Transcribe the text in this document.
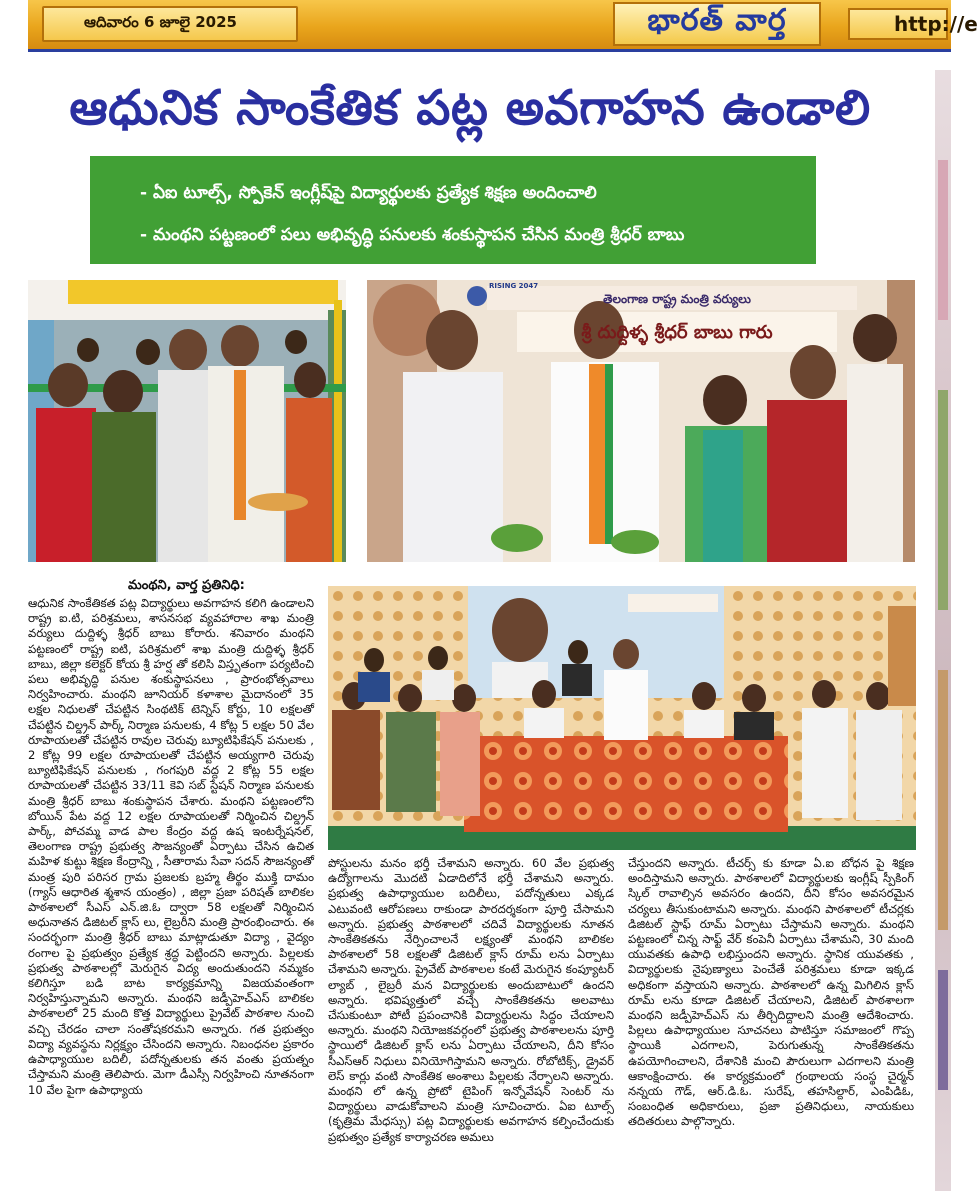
ఆదివారం 6 జూలై 2025	భారత్ వార్త	http://e
ఆధునిక సాంకేతిక పట్ల అవగాహన ఉండాలి
- ఏఐ టూల్స్, స్పోకెన్ ఇంగ్లీష్‌పై విద్యార్థులకు ప్రత్యేక శిక్షణ అందించాలి
- మంథని పట్టణంలో పలు అభివృద్ధి పనులకు శంకుస్థాపన చేసిన మంత్రి శ్రీధర్ బాబు
తెలంగాణ రాష్ట్ర మంత్రి వర్యులు
శ్రీ దుద్దిళ్ళ శ్రీధర్ బాబు గారు
RISING 2047
మంథని, వార్త ప్రతినిధి:
ఆధునిక సాంకేతికత పట్ల విద్యార్థులు అవగాహన కలిగి ఉండాలని రాష్ట్ర ఐ.టి, పరిశ్రమలు, శాసనసభ వ్యవహారాల శాఖ మంత్రి వర్యులు దుద్దిళ్ళ శ్రీధర్ బాబు కోరారు. శనివారం మంథని పట్టణంలో రాష్ట్ర ఐటి, పరిశ్రమలో శాఖ మంత్రి దుద్దిళ్ళ శ్రీధర్ బాబు, జిల్లా కలెక్టర్ కోయ శ్రీ హర్ష తో కలిసి విస్తృతంగా పర్యటించి పలు అభివృద్ధి పనుల శంకుస్థాపనలు , ప్రారంభోత్సవాలు నిర్వహించారు. మంథని జూనియర్ కళాశాల మైదానంలో 35 లక్షల నిధులతో చేపట్టిన సింథటిక్ టెన్నిస్ కోర్టు, 10 లక్షలతో చేపట్టిన చిల్డ్రన్ పార్క్ నిర్మాణ పనులకు, 4 కోట్ల 5 లక్షల 50 వేల రూపాయలతో చేపట్టిన రావుల చెరువు బ్యూటిఫికేషన్ పనులకు , 2 కోట్ల 99 లక్షల రూపాయలతో చేపట్టిన అయ్యగారి చెరువు బ్యూటిఫికేషన్ పనులకు , గంగపురి వద్ద 2 కోట్ల 55 లక్షల రూపాయలతో చేపట్టిన 33/11 కెవి సబ్ స్టేషన్ నిర్మాణ పనులకు మంత్రి శ్రీధర్ బాబు శంకుస్థాపన చేశారు. మంథని పట్టణంలోని బోయిన్ పేట వద్ద 12 లక్షల రూపాయలతో నిర్మించిన చిల్డ్రన్ పార్క్, పోచమ్మ వాడ పాల కేంద్రం వద్ద ఉష ఇంటర్నేషనల్, తెలంగాణ రాష్ట్ర ప్రభుత్వ సౌజన్యంతో ఏర్పాటు చేసిన ఉచిత మహిళ కుట్టు శిక్షణ కేంద్రాన్ని , సీతారామ సేవా సదన్ సౌజన్యంతో మంత్ర పురి పరిసర గ్రామ ప్రజలకు బ్రహ్మ తీర్థం ముక్తి దామం (గ్యాస్ ఆధారిత శ్మశాన యంత్రం) , జిల్లా ప్రజా పరిషత్ బాలికల పాఠశాలలో సీఎస్ ఎన్.జి.ఓ ద్వారా 58 లక్షలతో నిర్మించిన అధునాతన డిజిటల్ క్లాస్ లు, లైబ్రరీని మంత్రి ప్రారంభించారు. ఈ సందర్భంగా మంత్రి శ్రీధర్ బాబు మాట్లాడుతూ విద్యా , వైద్యం రంగాల పై ప్రభుత్వం ప్రత్యేక శ్రద్ధ పెట్టిందని అన్నారు. పిల్లలకు ప్రభుత్వ పాఠశాలల్లో మెరుగైన విద్య అందుతుందని నమ్మకం కలిగిస్తూ బడి బాట కార్యక్రమాన్ని విజయవంతంగా నిర్వహిస్తున్నామని అన్నారు. మంథని జడ్పీహెచ్ఎస్ బాలికల పాఠశాలలో 25 మంది కొత్త విద్యార్థులు ప్రైవేట్ పాఠశాల నుంచి వచ్చి చేరడం చాలా సంతోషకరమని అన్నారు. గత ప్రభుత్వం విద్యా వ్యవస్థను నిర్లక్ష్యం చేసిందని అన్నారు. నిబంధనల ప్రకారం ఉపాధ్యాయుల బదిలీ, పదోన్నతులకు తన వంతు ప్రయత్నం చేస్తామని మంత్రి తెలిపారు. మెగా డీఎస్సీ నిర్వహించి నూతనంగా 10 వేల పైగా ఉపాధ్యాయ
పోస్టులను మనం భర్తీ చేశామని అన్నారు. 60 వేల ప్రభుత్వ ఉద్యోగాలను మొదటి ఏడాదిలోనే భర్తీ చేశామని అన్నారు. ప్రభుత్వ ఉపాధ్యాయుల బదిలీలు, పదోన్నతులు ఎక్కడ ఎటువంటి ఆరోపణలు రాకుండా పారదర్శకంగా పూర్తి చేసామని అన్నారు. ప్రభుత్వ పాఠశాలలో చదివే విద్యార్థులకు నూతన సాంకేతికతను నేర్పించాలనే లక్ష్యంతో మంథని బాలికల పాఠశాలలో 58 లక్షలతో డిజిటల్ క్లాస్ రూమ్ లను ఏర్పాటు చేశామని అన్నారు. ప్రైవేట్ పాఠశాలల కంటే మెరుగైన కంప్యూటర్ ల్యాబ్ , లైబ్రరీ మన విద్యార్థులకు అందుబాటులో ఉందని అన్నారు. భవిష్యత్తులో వచ్చే సాంకేతికతను అలవాటు చేసుకుంటూ పోటీ ప్రపంచానికి విద్యార్థులను సిద్ధం చేయాలని అన్నారు. మంథని నియోజకవర్గంలో ప్రభుత్వ పాఠశాలలను పూర్తి స్థాయిలో డిజిటల్ క్లాస్ లను ఏర్పాటు చేయాలని, దీని కోసం సీఎస్ఆర్ నిధులు వినియోగిస్తామని అన్నారు. రోబోటిక్స్, డ్రైవర్ లెస్ కార్లు వంటి సాంకేతిక అంశాలు పిల్లలకు నేర్పాలని అన్నారు. మంథని లో ఉన్న ప్రోటో టైపింగ్ ఇన్నోవేషన్ సెంటర్ ను విద్యార్థులు వాడుకోవాలని మంత్రి సూచించారు. ఏఐ టూల్స్ (కృత్రిమ మేధస్సు) పట్ల విద్యార్థులకు అవగాహన కల్పించేందుకు ప్రభుత్వం ప్రత్యేక కార్యాచరణ అమలు
చేస్తుందని అన్నారు. టీచర్స్ కు కూడా ఏ.ఐ బోధన పై శిక్షణ అందిస్తామని అన్నారు. పాఠశాలలో విద్యార్థులకు ఇంగ్లీష్ స్పీకింగ్ స్కిల్ రావాల్సిన అవసరం ఉందని, దీని కోసం అవసరమైన చర్యలు తీసుకుంటామని అన్నారు. మంథని పాఠశాలలో టీచర్లకు డిజిటల్ స్టాఫ్ రూమ్ ఏర్పాటు చేస్తామని అన్నారు. మంథని పట్టణంలో చిన్న సాఫ్ట్ వేర్ కంపెనీ ఏర్పాటు చేశామని, 30 మంది యువతకు ఉపాధి లభిస్తుందని అన్నారు. స్థానిక యువతకు , విద్యార్థులకు నైపుణ్యాలు పెంచేతే పరిశ్రమలు కూడా ఇక్కడ అధికంగా వస్తాయని అన్నారు. పాఠశాలలో ఉన్న మిగిలిన క్లాస్ రూమ్ లను కూడా డిజిటల్ చేయాలని, డిజిటల్ పాఠశాలగా మంథని జడ్పీహెచ్ఎస్ ను తీర్చిదిద్దాలని మంత్రి ఆదేశించారు. పిల్లలు ఉపాధ్యాయుల సూచనలు పాటిస్తూ సమాజంలో గొప్ప స్థాయికి ఎదగాలని, పెరుగుతున్న సాంకేతికతను ఉపయోగించాలని, దేశానికి మంచి పౌరులుగా ఎదగాలని మంత్రి ఆకాంక్షించారు. ఈ కార్యక్రమంలో గ్రంథాలయ సంస్థ చైర్మన్ నన్నయ గౌడ్, ఆర్.డి.ఓ. సురేష్, తహసిల్దార్, ఎంపిడిఓ, సంబంధిత అధికారులు, ప్రజా ప్రతినిధులు, నాయకులు తదితరులు పాల్గొన్నారు.
